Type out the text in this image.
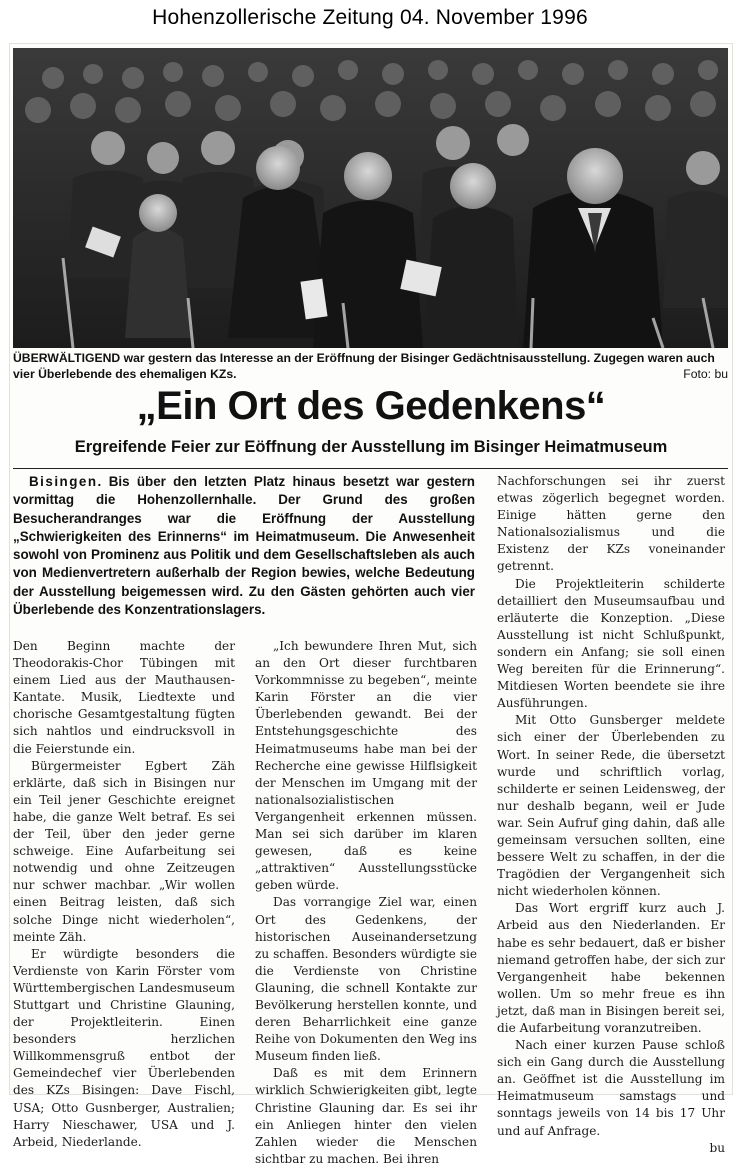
Hohenzollerische Zeitung 04. November 1996
ÜBERWÄLTIGEND war gestern das Interesse an der Eröffnung der Bisinger Gedächtnisausstellung. Zugegen waren auch vier Überlebende des ehemaligen KZs.	Foto: bu
„Ein Ort des Gedenkens“
Ergreifende Feier zur Eöffnung der Ausstellung im Bisinger Heimatmuseum
Bisingen. Bis über den letzten Platz hinaus besetzt war gestern vormittag die Hohenzollernhalle. Der Grund des großen Besucherandranges war die Eröffnung der Ausstellung „Schwierigkeiten des Erinnerns“ im Heimatmuseum. Die Anwesenheit sowohl von Prominenz aus Politik und dem Gesellschaftsleben als auch von Medienvertretern außerhalb der Region bewies, welche Bedeutung der Ausstellung beigemessen wird. Zu den Gästen gehörten auch vier Überlebende des Konzentrationslagers.

Den Beginn machte der Theodorakis-Chor Tübingen mit einem Lied aus der Mauthausen-Kantate. Musik, Liedtexte und chorische Gesamtgestaltung fügten sich nahtlos und eindrucksvoll in die Feierstunde ein.

Bürgermeister Egbert Zäh erklärte, daß sich in Bisingen nur ein Teil jener Geschichte ereignet habe, die ganze Welt betraf. Es sei der Teil, über den jeder gerne schweige. Eine Aufarbeitung sei notwendig und ohne Zeitzeugen nur schwer machbar. „Wir wollen einen Beitrag leisten, daß sich solche Dinge nicht wiederholen“, meinte Zäh.

Er würdigte besonders die Verdienste von Karin Förster vom Württembergischen Landesmuseum Stuttgart und Christine Glauning, der Projektleiterin. Einen besonders herzlichen Willkommensgruß entbot der Gemeindechef vier Überlebenden des KZs Bisingen: Dave Fischl, USA; Otto Gusnberger, Australien; Harry Nieschawer, USA und J. Arbeid, Niederlande.

„Ich bewundere Ihren Mut, sich an den Ort dieser furchtbaren Vorkommnisse zu begeben“, meinte Karin Förster an die vier Überlebenden gewandt. Bei der Entstehungsgeschichte des Heimatmuseums habe man bei der Recherche eine gewisse Hilflsigkeit der Menschen im Umgang mit der nationalsozialistischen Vergangenheit erkennen müssen. Man sei sich darüber im klaren gewesen, daß es keine „attraktiven“ Ausstellungsstücke geben würde.

Das vorrangige Ziel war, einen Ort des Gedenkens, der historischen Auseinandersetzung zu schaffen. Besonders würdigte sie die Verdienste von Christine Glauning, die schnell Kontakte zur Bevölkerung herstellen konnte, und deren Beharrlichkeit eine ganze Reihe von Dokumenten den Weg ins Museum finden ließ.

Daß es mit dem Erinnern wirklich Schwierigkeiten gibt, legte Christine Glauning dar. Es sei ihr ein Anliegen hinter den vielen Zahlen wieder die Menschen sichtbar zu machen. Bei ihren

Nachforschungen sei ihr zuerst etwas zögerlich begegnet worden. Einige hätten gerne den Nationalsozialismus und die Existenz der KZs voneinander getrennt.

Die Projektleiterin schilderte detailliert den Museumsaufbau und erläuterte die Konzeption. „Diese Ausstellung ist nicht Schlußpunkt, sondern ein Anfang; sie soll einen Weg bereiten für die Erinnerung“. Mitdiesen Worten beendete sie ihre Ausführungen.

Mit Otto Gunsberger meldete sich einer der Überlebenden zu Wort. In seiner Rede, die übersetzt wurde und schriftlich vorlag, schilderte er seinen Leidensweg, der nur deshalb begann, weil er Jude war. Sein Aufruf ging dahin, daß alle gemeinsam versuchen sollten, eine bessere Welt zu schaffen, in der die Tragödien der Vergangenheit sich nicht wiederholen können.

Das Wort ergriff kurz auch J. Arbeid aus den Niederlanden. Er habe es sehr bedauert, daß er bisher niemand getroffen habe, der sich zur Vergangenheit habe bekennen wollen. Um so mehr freue es ihn jetzt, daß man in Bisingen bereit sei, die Aufarbeitung voranzutreiben.

Nach einer kurzen Pause schloß sich ein Gang durch die Ausstellung an. Geöffnet ist die Ausstellung im Heimatmuseum samstags und sonntags jeweils von 14 bis 17 Uhr und auf Anfrage.

bu
